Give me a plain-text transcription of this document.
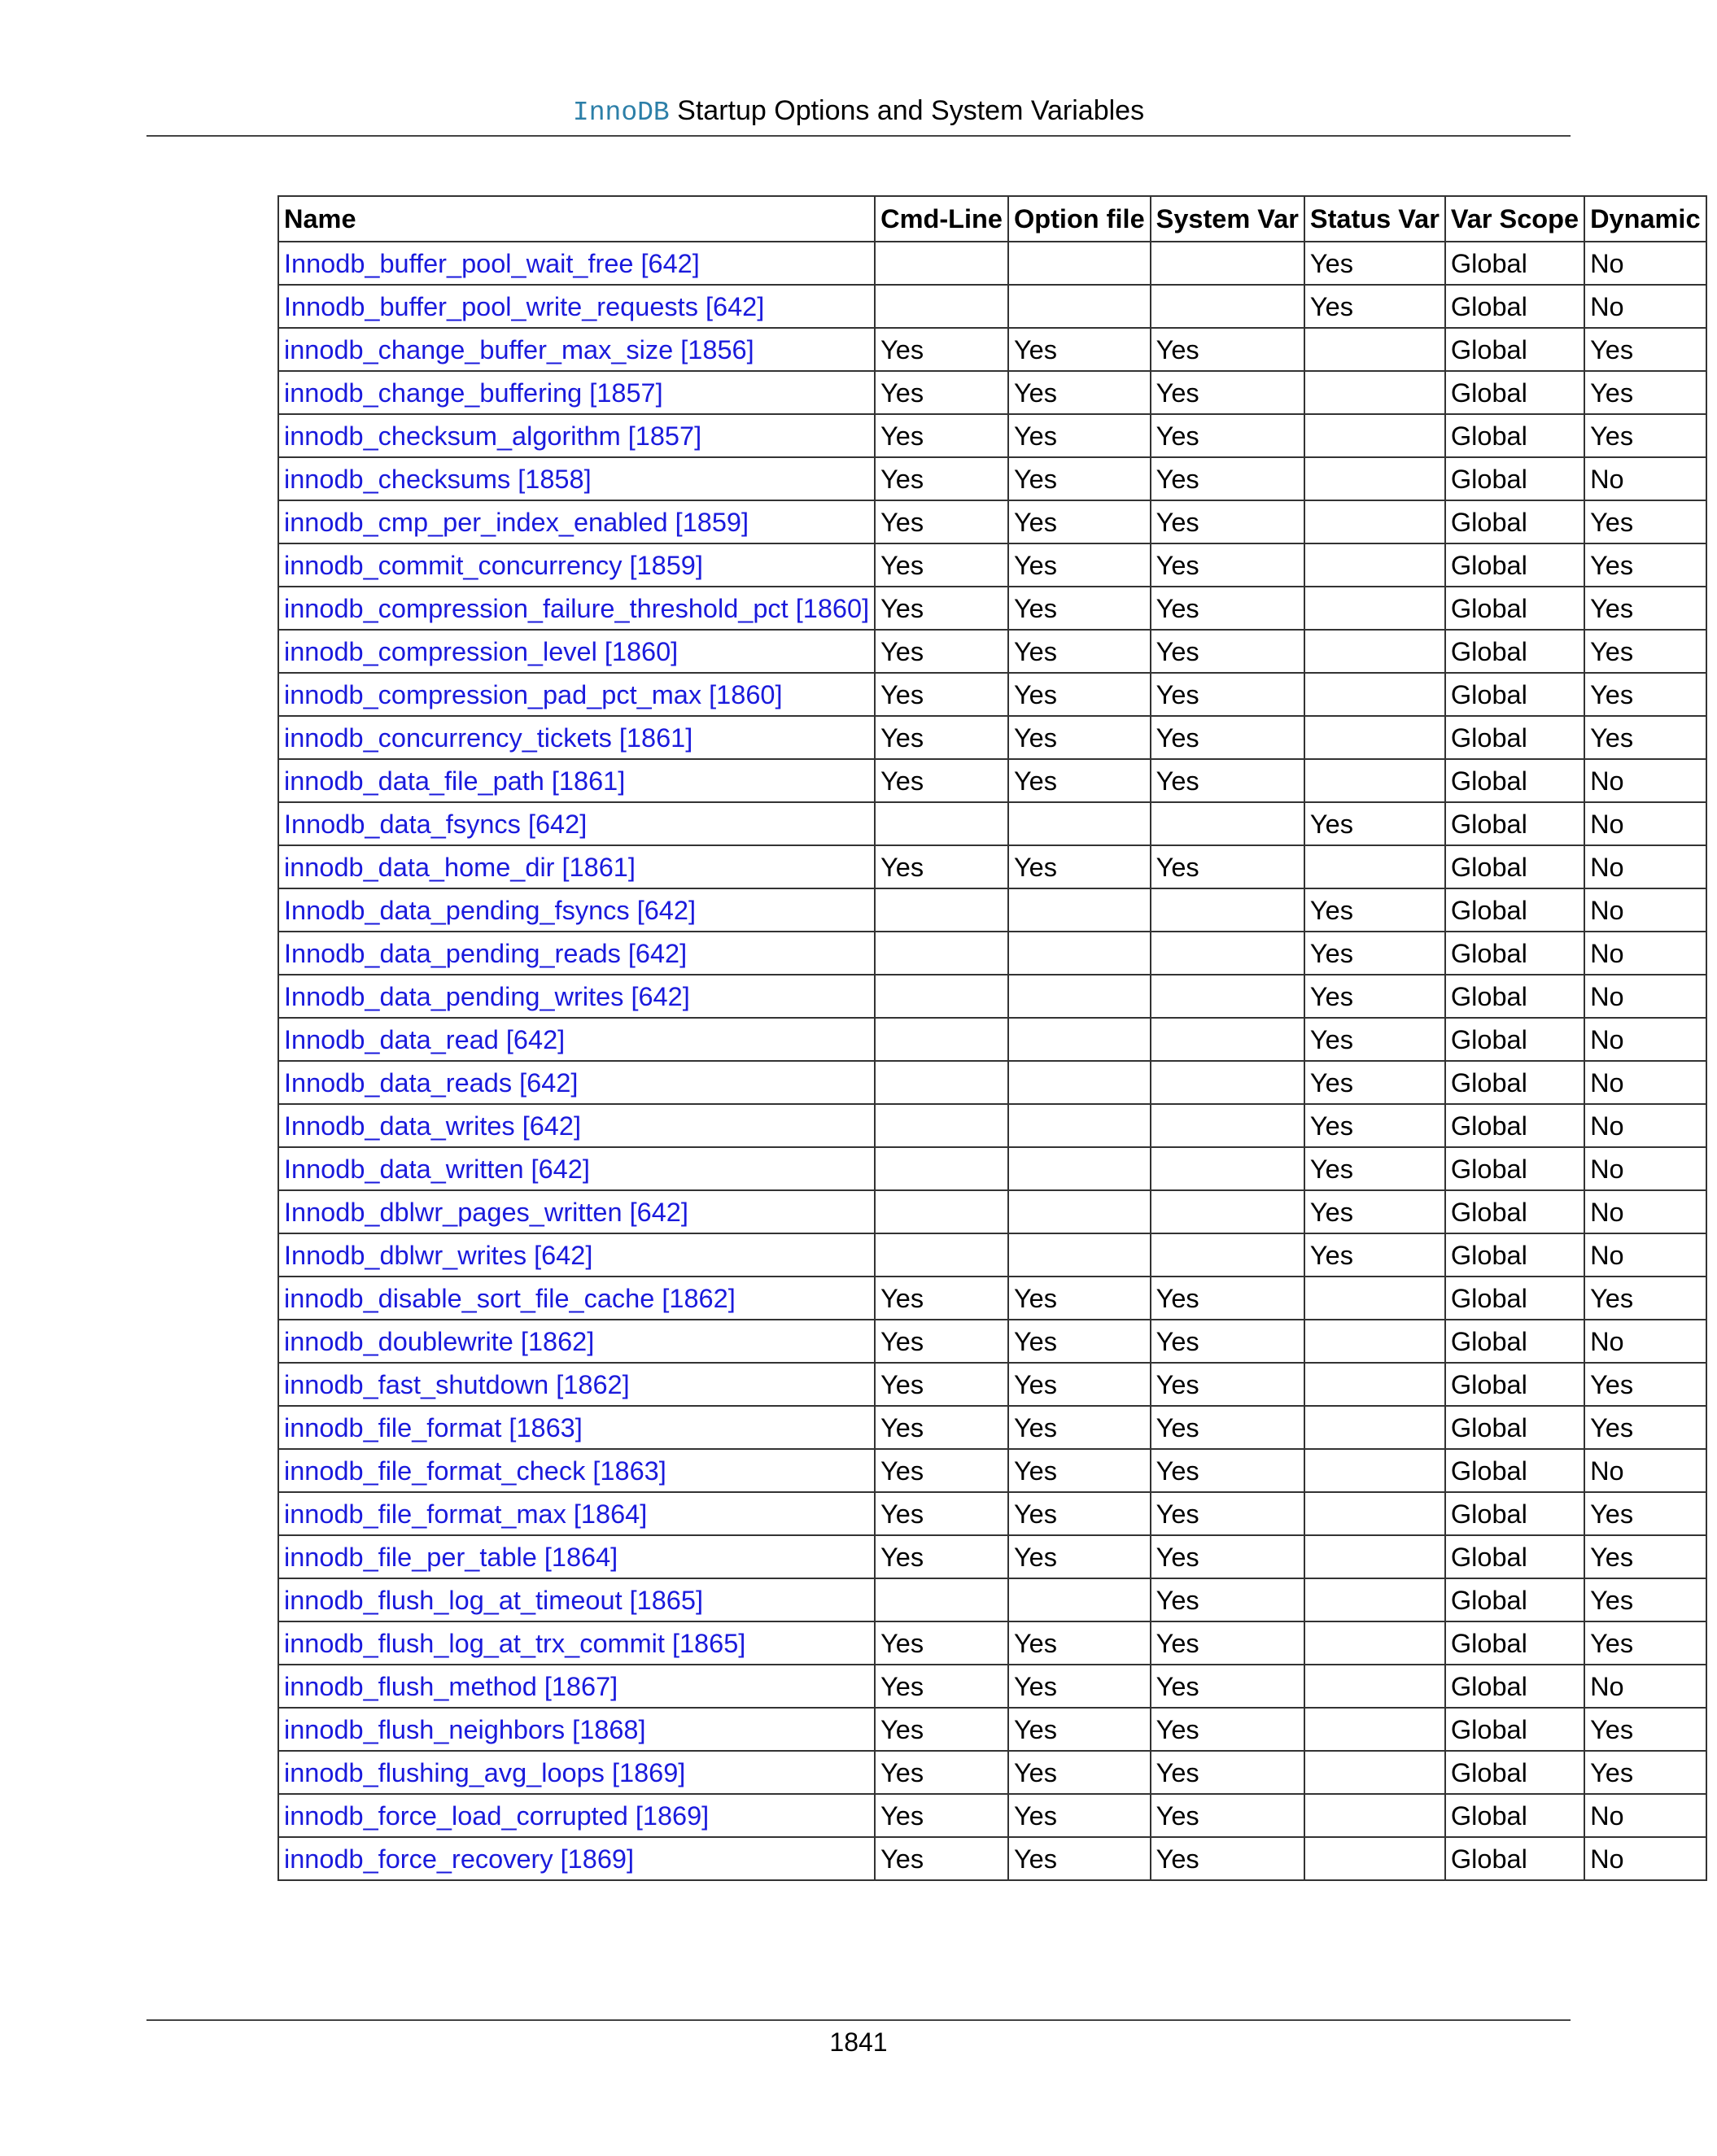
InnoDB Startup Options and System Variables
Name	Cmd-Line	Option file	System Var	Status Var	Var Scope	Dynamic
Innodb_buffer_pool_wait_free [642]				Yes	Global	No
Innodb_buffer_pool_write_requests [642]				Yes	Global	No
innodb_change_buffer_max_size [1856]	Yes	Yes	Yes		Global	Yes
innodb_change_buffering [1857]	Yes	Yes	Yes		Global	Yes
innodb_checksum_algorithm [1857]	Yes	Yes	Yes		Global	Yes
innodb_checksums [1858]	Yes	Yes	Yes		Global	No
innodb_cmp_per_index_enabled [1859]	Yes	Yes	Yes		Global	Yes
innodb_commit_concurrency [1859]	Yes	Yes	Yes		Global	Yes
innodb_compression_failure_threshold_pct [1860]	Yes	Yes	Yes		Global	Yes
innodb_compression_level [1860]	Yes	Yes	Yes		Global	Yes
innodb_compression_pad_pct_max [1860]	Yes	Yes	Yes		Global	Yes
innodb_concurrency_tickets [1861]	Yes	Yes	Yes		Global	Yes
innodb_data_file_path [1861]	Yes	Yes	Yes		Global	No
Innodb_data_fsyncs [642]				Yes	Global	No
innodb_data_home_dir [1861]	Yes	Yes	Yes		Global	No
Innodb_data_pending_fsyncs [642]				Yes	Global	No
Innodb_data_pending_reads [642]				Yes	Global	No
Innodb_data_pending_writes [642]				Yes	Global	No
Innodb_data_read [642]				Yes	Global	No
Innodb_data_reads [642]				Yes	Global	No
Innodb_data_writes [642]				Yes	Global	No
Innodb_data_written [642]				Yes	Global	No
Innodb_dblwr_pages_written [642]				Yes	Global	No
Innodb_dblwr_writes [642]				Yes	Global	No
innodb_disable_sort_file_cache [1862]	Yes	Yes	Yes		Global	Yes
innodb_doublewrite [1862]	Yes	Yes	Yes		Global	No
innodb_fast_shutdown [1862]	Yes	Yes	Yes		Global	Yes
innodb_file_format [1863]	Yes	Yes	Yes		Global	Yes
innodb_file_format_check [1863]	Yes	Yes	Yes		Global	No
innodb_file_format_max [1864]	Yes	Yes	Yes		Global	Yes
innodb_file_per_table [1864]	Yes	Yes	Yes		Global	Yes
innodb_flush_log_at_timeout [1865]			Yes		Global	Yes
innodb_flush_log_at_trx_commit [1865]	Yes	Yes	Yes		Global	Yes
innodb_flush_method [1867]	Yes	Yes	Yes		Global	No
innodb_flush_neighbors [1868]	Yes	Yes	Yes		Global	Yes
innodb_flushing_avg_loops [1869]	Yes	Yes	Yes		Global	Yes
innodb_force_load_corrupted [1869]	Yes	Yes	Yes		Global	No
innodb_force_recovery [1869]	Yes	Yes	Yes		Global	No
1841
